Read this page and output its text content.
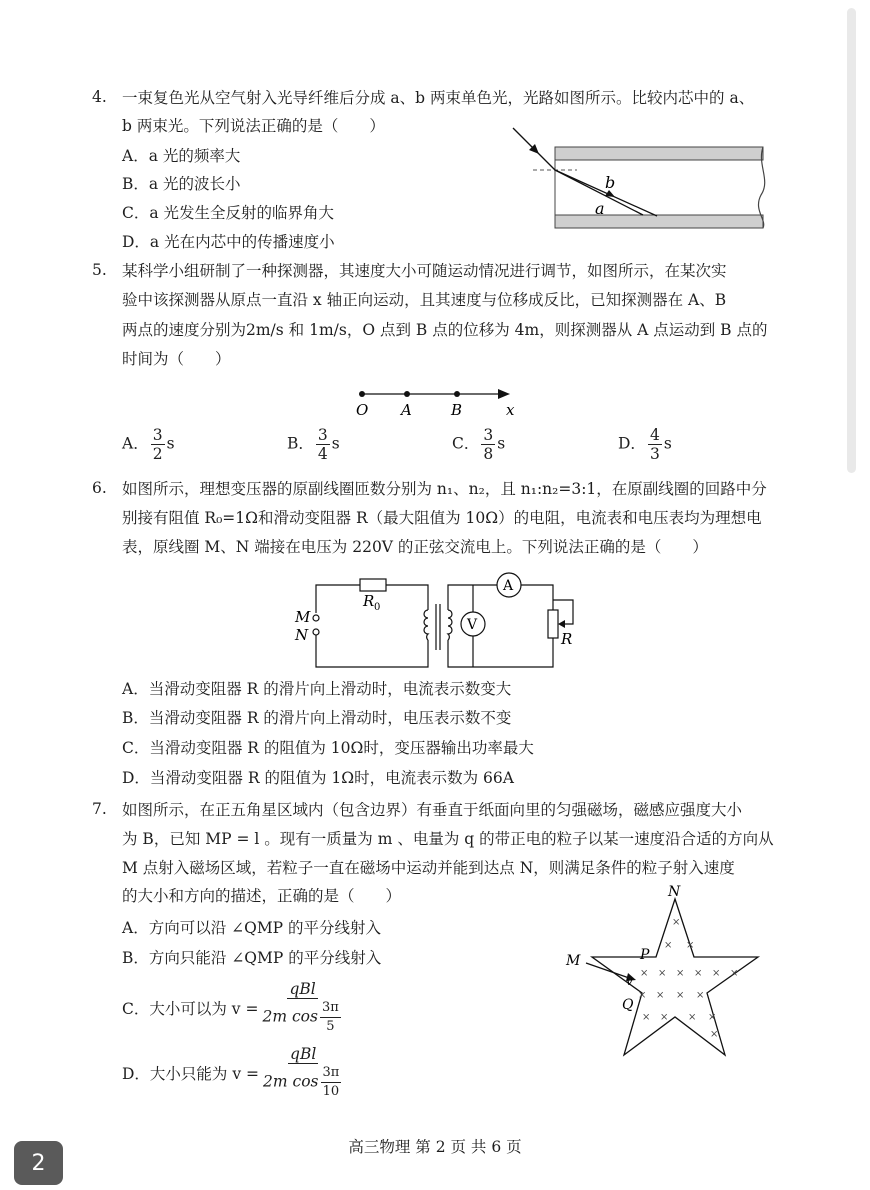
4. 一束复色光从空气射入光导纤维后分成 a、b 两束单色光，光路如图所示。比较内芯中的 a、
b 两束光。下列说法正确的是（　　）
A．a 光的频率大
B．a 光的波长小
C．a 光发生全反射的临界角大
D．a 光在内芯中的传播速度小
b
a
5. 某科学小组研制了一种探测器，其速度大小可随运动情况进行调节，如图所示，在某次实
验中该探测器从原点一直沿 x 轴正向运动，且其速度与位移成反比，已知探测器在 A、B
两点的速度分别为2m/s 和 1m/s，O 点到 B 点的位移为 4m，则探测器从 A 点运动到 B 点的
时间为（　　）
O A	B	x
A． $\frac{3}{2}$ s	B． $\frac{3}{4}$ s	C． $\frac{3}{8}$ s	D． $\frac{4}{3}$ s
6. 如图所示，理想变压器的原副线圈匝数分别为 n₁、n₂，且 n₁:n₂=3:1，在原副线圈的回路中分
别接有阻值 R₀=1Ω和滑动变阻器 R（最大阻值为 10Ω）的电阻，电流表和电压表均为理想电
表，原线圈 M、N 端接在电压为 220V 的正弦交流电上。下列说法正确的是（　　）
A
V
M
N
R 0
R
A．当滑动变阻器 R 的滑片向上滑动时，电流表示数变大
B．当滑动变阻器 R 的滑片向上滑动时，电压表示数不变
C．当滑动变阻器 R 的阻值为 10Ω时，变压器输出功率最大
D．当滑动变阻器 R 的阻值为 1Ω时，电流表示数为 66A
7. 如图所示，在正五角星区域内（包含边界）有垂直于纸面向里的匀强磁场，磁感应强度大小
为 B，已知 MP = l 。现有一质量为 m 、电量为 q 的带正电的粒子以某一速度沿合适的方向从
M 点射入磁场区域，若粒子一直在磁场中运动并能到达点 N，则满足条件的粒子射入速度
的大小和方向的描述，正确的是（　　）
A．方向可以沿 ∠QMP 的平分线射入
B．方向只能沿 ∠QMP 的平分线射入
C．大小可以为 $v = \frac{\text{qBl}}{2m \cos \frac{3\pi}{5}}$
D．大小只能为 $v = \frac{\text{qBl}}{2m \cos \frac{3\pi}{10}}$
×
× ×
× × × × × ×
× × × ×
× × × ×
×
N
M	P
Q
v
高三物理 第 2 页 共 6 页
2
